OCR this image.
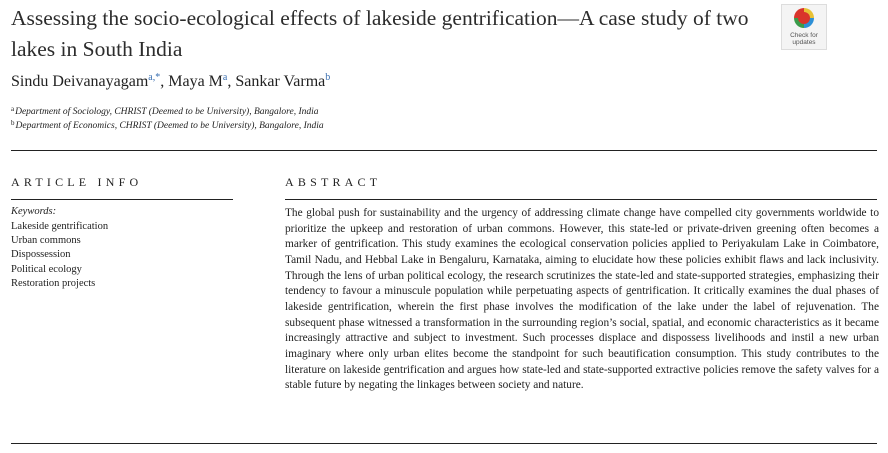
Assessing the socio-ecological effects of lakeside gentrification—A case study of two lakes in South India
Check for
updates
Sindu Deivanayagam$^{a,*}$, Maya $M^a$, Sankar Varma$^b$
$^a$Department of Sociology, CHRIST (Deemed to be University), Bangalore, India
$^b$Department of Economics, CHRIST (Deemed to be University), Bangalore, India
ARTICLE INFO	ABSTRACT
Keywords:
Lakeside gentrification
Urban commons
Dispossession
Political ecology
Restoration projects

The global push for sustainability and the urgency of addressing climate change have compelled city governments worldwide to prioritize the upkeep and restoration of urban commons. However, this state-led or private-driven greening often becomes a marker of gentrification. This study examines the ecological conservation policies applied to Periyakulam Lake in Coimbatore, Tamil Nadu, and Hebbal Lake in Bengaluru, Karnataka, aiming to elucidate how these policies exhibit flaws and lack inclusivity. Through the lens of urban political ecology, the research scrutinizes the state-led and state-supported strategies, emphasizing their tendency to favour a minuscule population while perpetuating aspects of gentrification. It critically examines the dual phases of lakeside gentrification, wherein the first phase involves the modification of the lake under the label of rejuvenation. The subsequent phase witnessed a transformation in the surrounding region’s social, spatial, and economic characteristics as it became increasingly attractive and subject to investment. Such processes displace and dispossess livelihoods and instil a new urban imaginary where only urban elites become the standpoint for such beautification consumption. This study contributes to the literature on lakeside gentrification and argues how state-led and state-supported extractive policies remove the safety valves for a stable future by negating the linkages between society and nature.
